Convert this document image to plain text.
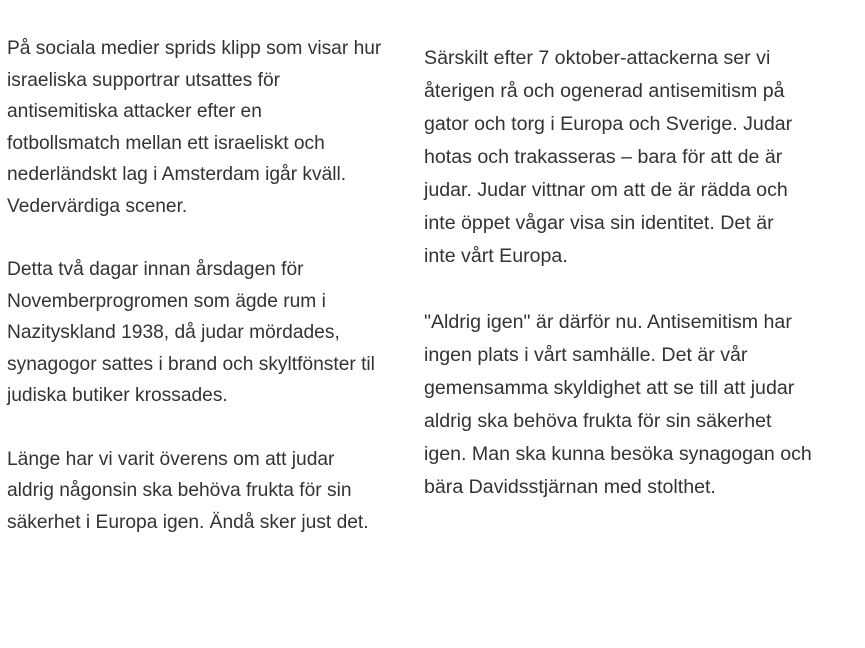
På sociala medier sprids klipp som visar hur
israeliska supportrar utsattes för
antisemitiska attacker efter en
fotbollsmatch mellan ett israeliskt och
nederländskt lag i Amsterdam igår kväll.
Vedervärdiga scener.

Detta två dagar innan årsdagen för
Novemberprogromen som ägde rum i
Nazityskland 1938, då judar mördades,
synagogor sattes i brand och skyltfönster til
judiska butiker krossades.

Länge har vi varit överens om att judar
aldrig någonsin ska behöva frukta för sin
säkerhet i Europa igen. Ändå sker just det.

Särskilt efter 7 oktober-attackerna ser vi
återigen rå och ogenerad antisemitism på
gator och torg i Europa och Sverige. Judar
hotas och trakasseras – bara för att de är
judar. Judar vittnar om att de är rädda och
inte öppet vågar visa sin identitet. Det är
inte vårt Europa.

"Aldrig igen" är därför nu. Antisemitism har
ingen plats i vårt samhälle. Det är vår
gemensamma skyldighet att se till att judar
aldrig ska behöva frukta för sin säkerhet
igen. Man ska kunna besöka synagogan och
bära Davidsstjärnan med stolthet.
